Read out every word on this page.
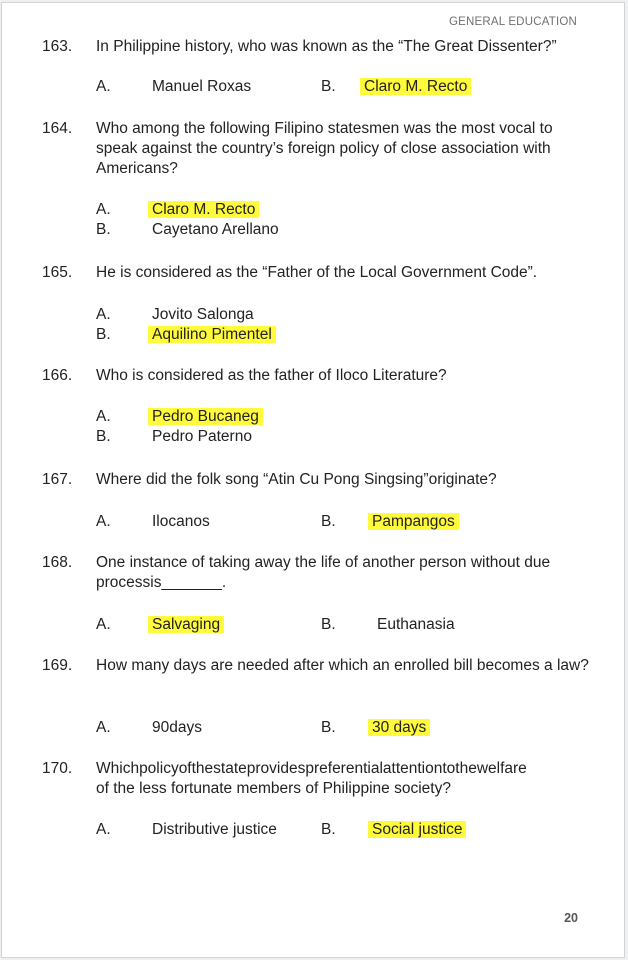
GENERAL EDUCATION
163. In Philippine history, who was known as the “The Great Dissenter?”
A.	Manuel Roxas	B. Claro M. Recto
164. Who among the following Filipino statesmen was the most vocal to speak against the country’s foreign policy of close association with Americans?
A.	Claro M. Recto
B.	Cayetano Arellano
165. He is considered as the “Father of the Local Government Code”.
A.	Jovito Salonga
B.	Aquilino Pimentel
166. Who is considered as the father of Iloco Literature?
A.	Pedro Bucaneg
B.	Pedro Paterno
167. Where did the folk song “Atin Cu Pong Singsing”originate?
A.	Ilocanos	B. Pampangos
168. One instance of taking away the life of another person without due
processis_______.
A.	Salvaging	B.	Euthanasia
169. How many days are needed after which an enrolled bill becomes a law?
A.	90days	B. 30 days
170. Whichpolicyofthestateprovidespreferentialattentiontothewelfare
of the less fortunate members of Philippine society?
A.	Distributive justice	B. Social justice
20
